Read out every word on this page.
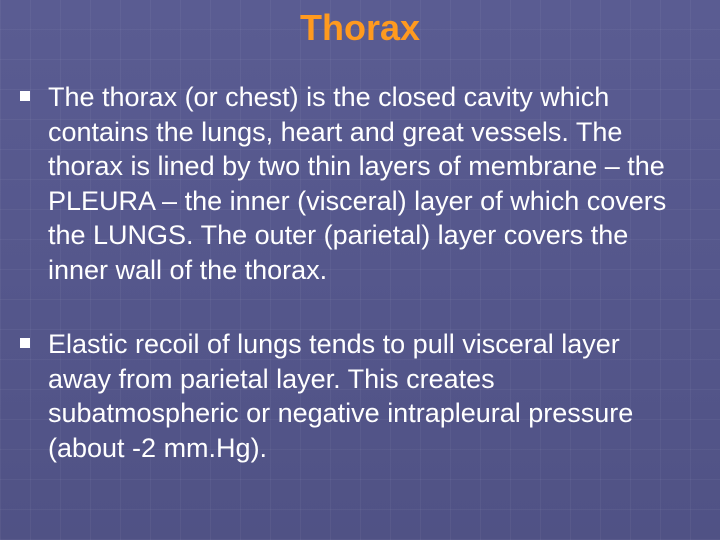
Thorax
The thorax (or chest) is the closed cavity which contains the lungs, heart and great vessels. The thorax is lined by two thin layers of membrane – the PLEURA – the inner (visceral) layer of which covers the LUNGS. The outer (parietal) layer covers the inner wall of the thorax.
Elastic recoil of lungs tends to pull visceral layer away from parietal layer. This creates subatmospheric or negative intrapleural pressure (about -2 mm.Hg).
